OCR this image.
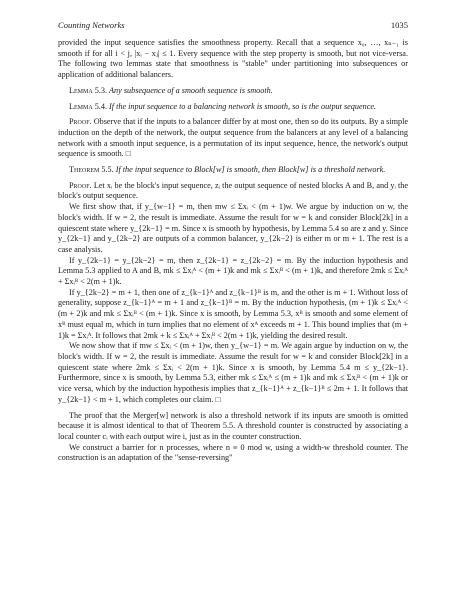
Counting Networks	1035

provided the input sequence satisfies the smoothness property. Recall that a sequence x₀, …, xₙ₋₁ is smooth if for all i < j, |xᵢ − xⱼ| ≤ 1. Every sequence with the step property is smooth, but not vice-versa. The following two lemmas state that smoothness is "stable" under partitioning into subsequences or application of additional balancers.

Lemma 5.3. Any subsequence of a smooth sequence is smooth.

Lemma 5.4. If the input sequence to a balancing network is smooth, so is the output sequence.

Proof. Observe that if the inputs to a balancer differ by at most one, then so do its outputs. By a simple induction on the depth of the network, the output sequence from the balancers at any level of a balancing network with a smooth input sequence, is a permutation of its input sequence, hence, the network's output sequence is smooth. □

Theorem 5.5. If the input sequence to Block[w] is smooth, then Block[w] is a threshold network.

Proof. Let xᵢ be the block's input sequence, zᵢ the output sequence of nested blocks A and B, and yᵢ the block's output sequence.

We first show that, if y_{w−1} = m, then mw ≤ Σxᵢ < (m + 1)w. We argue by induction on w, the block's width. If w = 2, the result is immediate. Assume the result for w = k and consider Block[2k] in a quiescent state where y_{2k−1} = m. Since x is smooth by hypothesis, by Lemma 5.4 so are z and y. Since y_{2k−1} and y_{2k−2} are outputs of a common balancer, y_{2k−2} is either m or m + 1. The rest is a case analysis.

If y_{2k−1} = y_{2k−2} = m, then z_{2k−1} = z_{2k−2} = m. By the induction hypothesis and Lemma 5.3 applied to A and B, mk ≤ Σxᵢᴬ < (m + 1)k and mk ≤ Σxᵢᴮ < (m + 1)k, and therefore 2mk ≤ Σxᵢᴬ + Σxᵢᴮ < 2(m + 1)k.

If y_{2k−2} = m + 1, then one of z_{k−1}ᴬ and z_{k−1}ᴮ is m, and the other is m + 1. Without loss of generality, suppose z_{k−1}ᴬ = m + 1 and z_{k−1}ᴮ = m. By the induction hypothesis, (m + 1)k ≤ Σxᵢᴬ < (m + 2)k and mk ≤ Σxᵢᴮ < (m + 1)k. Since x is smooth, by Lemma 5.3, xᴮ is smooth and some element of xᴮ must equal m, which in turn implies that no element of xᴬ exceeds m + 1. This bound implies that (m + 1)k = Σxᵢᴬ. It follows that 2mk + k ≤ Σxᵢᴬ + Σxᵢᴮ < 2(m + 1)k, yielding the desired result.

We now show that if mw ≤ Σxᵢ < (m + 1)w, then y_{w−1} = m. We again argue by induction on w, the block's width. If w = 2, the result is immediate. Assume the result for w = k and consider Block[2k] in a quiescent state where 2mk ≤ Σxᵢ < 2(m + 1)k. Since x is smooth, by Lemma 5.4 m ≤ y_{2k−1}. Furthermore, since x is smooth, by Lemma 5.3, either mk ≤ Σxᵢᴬ ≤ (m + 1)k and mk ≤ Σxᵢᴮ < (m + 1)k or vice versa, which by the induction hypothesis implies that z_{k−1}ᴬ + z_{k−1}ᴮ ≤ 2m + 1. It follows that y_{2k−1} < m + 1, which completes our claim. □

The proof that the Merger[w] network is also a threshold network if its inputs are smooth is omitted because it is almost identical to that of Theorem 5.5. A threshold counter is constructed by associating a local counter cᵢ with each output wire i, just as in the counter construction.

We construct a barrier for n processes, where n ≡ 0 mod w, using a width-w threshold counter. The construction is an adaptation of the "sense-reversing"
